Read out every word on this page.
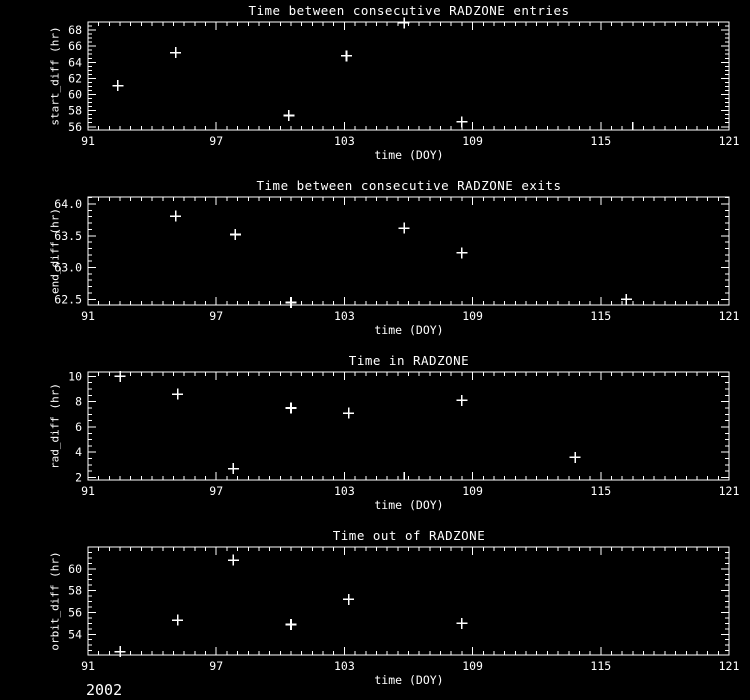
Time between consecutive RADZONE entries
start_diff (hr)
91	97	103	109	115	121
56
58
60
62
64
66
68
time (DOY)
Time between consecutive RADZONE exits
end_diff (hr)
91	97	103	109	115	121
62.5
63.0
63.5
64.0
time (DOY)
Time in RADZONE
rad_diff (hr)
91	97	103	109	115	121
2
4
6
8
10
time (DOY)
Time out of RADZONE
orbit_diff (hr)
91	97	103	109	115	121
54
56
58
60
time (DOY)
2002
